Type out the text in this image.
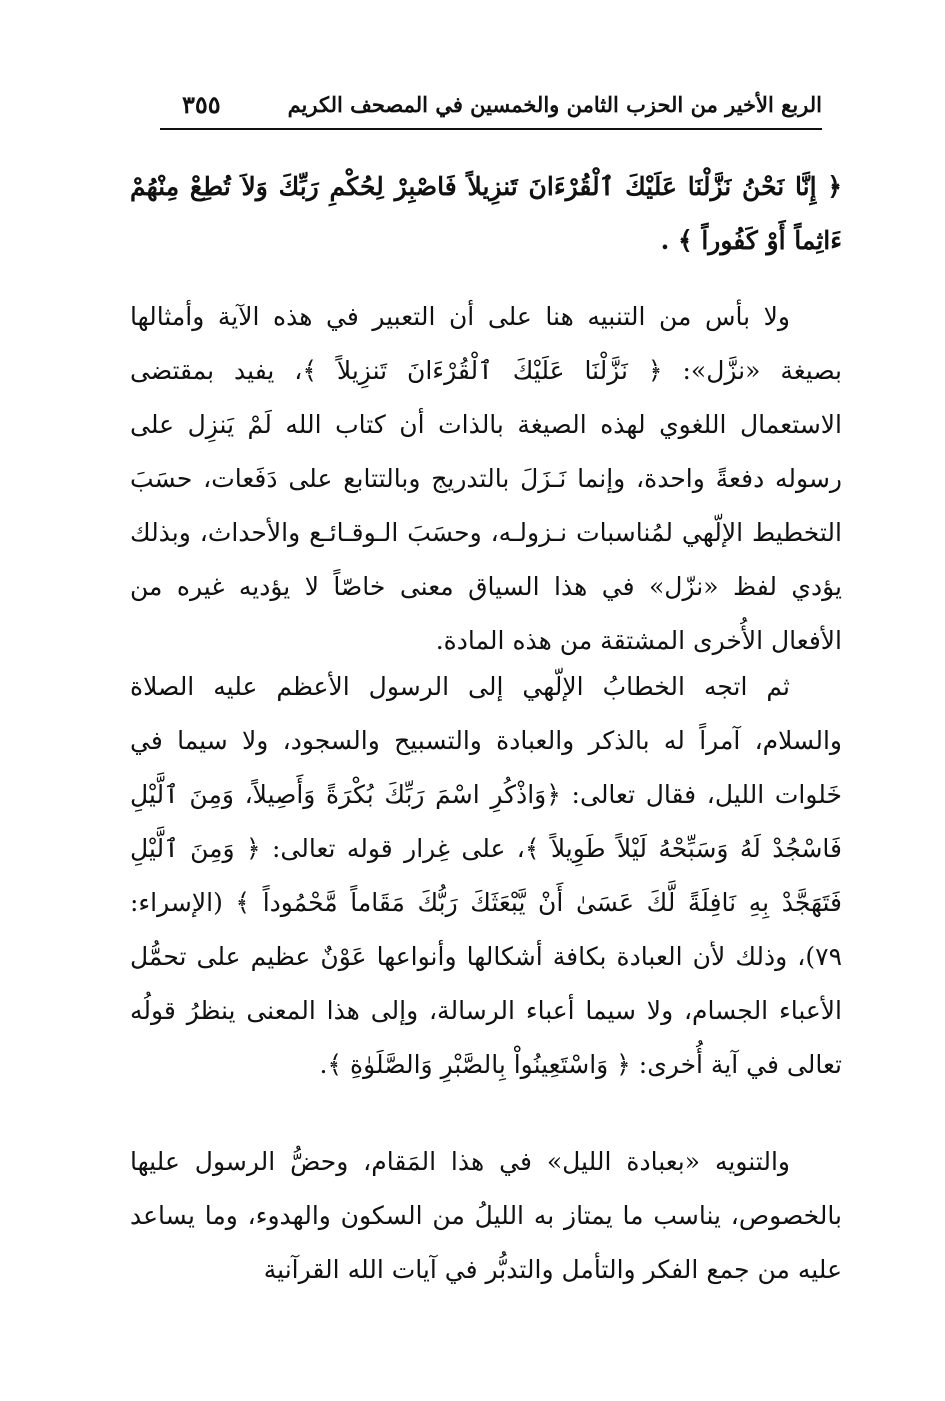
الربع الأخير من الحزب الثامن والخمسين في المصحف الكريم
٣٥٥

﴿ إِنَّا نَحْنُ نَزَّلْنَا عَلَيْكَ ٱلْقُرْءَانَ تَنزِيلاً فَاصْبِرْ لِحُكْمِ رَبِّكَ وَلاَ تُطِعْ مِنْهُمْ ءَاثِماً أَوْ كَفُوراً ﴾ .

ولا بأس من التنبيه هنا على أن التعبير في هذه الآية وأمثالها بصيغة «نزَّل»: ﴿ نَزَّلْنَا عَلَيْكَ ٱلْقُرْءَانَ تَنزِيلاً ﴾، يفيد بمقتضى الاستعمال اللغوي لهذه الصيغة بالذات أن كتاب الله لَمْ يَنزِل على رسوله دفعةً واحدة، وإنما نَـزَلَ بالتدريج وبالتتابع على دَفَعات، حسَبَ التخطيط الإلّهي لمُناسبات نـزولـه، وحسَبَ الـوقـائـع والأحداث، وبذلك يؤدي لفظ «نزّل» في هذا السياق معنى خاصّاً لا يؤديه غيره من الأفعال الأُخرى المشتقة من هذه المادة.

ثم اتجه الخطابُ الإلّهي إلى الرسول الأعظم عليه الصلاة والسلام، آمراً له بالذكر والعبادة والتسبيح والسجود، ولا سيما في خَلوات الليل، فقال تعالى: ﴿وَاذْكُرِ اسْمَ رَبِّكَ بُكْرَةً وَأَصِيلاً، وَمِنَ ٱلَّيْلِ فَاسْجُدْ لَهُ وَسَبِّحْهُ لَيْلاً طَوِيلاً ﴾، على غِرار قوله تعالى: ﴿ وَمِنَ ٱلَّيْلِ فَتَهَجَّدْ بِهِ نَافِلَةً لَّكَ عَسَىٰ أَنْ يَّبْعَثَكَ رَبُّكَ مَقَاماً مَّحْمُوداً ﴾ (الإسراء: ٧٩)، وذلك لأن العبادة بكافة أشكالها وأنواعها عَوْنٌ عظيم على تحمُّل الأعباء الجسام، ولا سيما أعباء الرسالة، وإلى هذا المعنى ينظرُ قولُه تعالى في آية أُخرى: ﴿ وَاسْتَعِينُواْ بِالصَّبْرِ وَالصَّلَوٰةِ ﴾.

والتنويه «بعبادة الليل» في هذا المَقام، وحضُّ الرسول عليها بالخصوص، يناسب ما يمتاز به الليلُ من السكون والهدوء، وما يساعد عليه من جمع الفكر والتأمل والتدبُّر في آيات الله القرآنية
